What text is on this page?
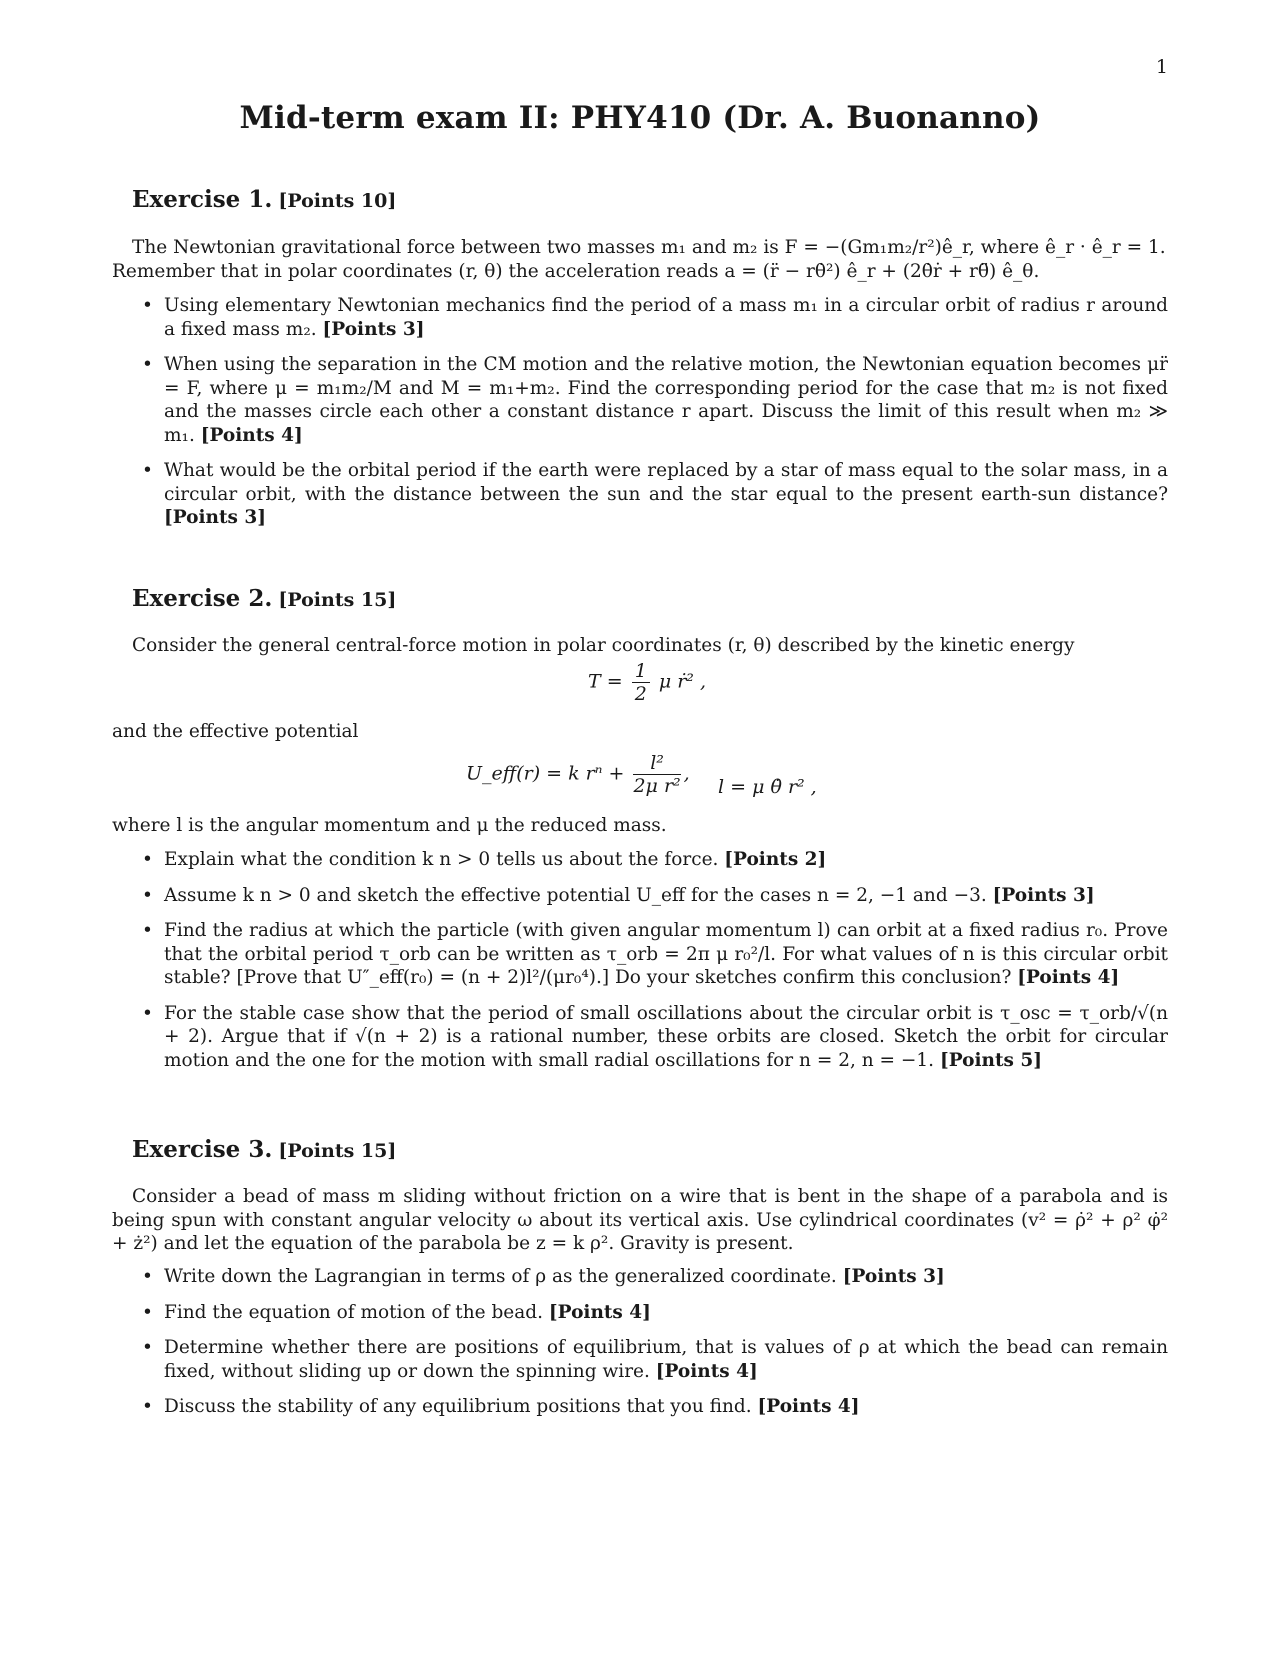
1
Mid-term exam II: PHY410 (Dr. A. Buonanno)
Exercise 1. [Points 10]
The Newtonian gravitational force between two masses m₁ and m₂ is F = −(Gm₁m₂/r²)ê_r, where ê_r · ê_r = 1.
Remember that in polar coordinates (r, θ) the acceleration reads a = (r̈ − rθ̇²) ê_r + (2θ̇ṙ + rθ̈) ê_θ.
• Using elementary Newtonian mechanics find the period of a mass m₁ in a circular orbit of radius r around a fixed mass m₂. [Points 3]
• When using the separation in the CM motion and the relative motion, the Newtonian equation becomes μr̈ = F, where μ = m₁m₂/M and M = m₁+m₂. Find the corresponding period for the case that m₂ is not fixed and the masses circle each other a constant distance r apart. Discuss the limit of this result when m₂ ≫ m₁. [Points 4]
• What would be the orbital period if the earth were replaced by a star of mass equal to the solar mass, in a circular orbit, with the distance between the sun and the star equal to the present earth-sun distance? [Points 3]
Exercise 2. [Points 15]
Consider the general central-force motion in polar coordinates (r, θ) described by the kinetic energy
$T = \frac{1}{2}$ μ ṙ² ,
and the effective potential
U_eff(r) = k $r^n + \frac{\text{l²}}{\text{2μ r²}}$ ,
l = μ θ̇ r² ,
where l is the angular momentum and μ the reduced mass.
• Explain what the condition k n > 0 tells us about the force. [Points 2]
• Assume k n > 0 and sketch the effective potential U_eff for the cases n = 2, −1 and −3. [Points 3]
• Find the radius at which the particle (with given angular momentum l) can orbit at a fixed radius r₀. Prove that the orbital period τ_orb can be written as τ_orb = 2π μ r₀²/l. For what values of n is this circular orbit stable? [Prove that U″_eff(r₀) = (n + 2)l²/(μr₀⁴).] Do your sketches confirm this conclusion? [Points 4]
• For the stable case show that the period of small oscillations about the circular orbit is τ_osc = τ_orb/√(n + 2). Argue that if √(n + 2) is a rational number, these orbits are closed. Sketch the orbit for circular motion and the one for the motion with small radial oscillations for n = 2, n = −1. [Points 5]
Exercise 3. [Points 15]
Consider a bead of mass m sliding without friction on a wire that is bent in the shape of a parabola and is being spun with constant angular velocity ω about its vertical axis. Use cylindrical coordinates (v² = ρ̇² + ρ² φ̇² + ż²) and let the equation of the parabola be z = k ρ². Gravity is present.
• Write down the Lagrangian in terms of ρ as the generalized coordinate. [Points 3]
• Find the equation of motion of the bead. [Points 4]
• Determine whether there are positions of equilibrium, that is values of ρ at which the bead can remain fixed, without sliding up or down the spinning wire. [Points 4]
• Discuss the stability of any equilibrium positions that you find. [Points 4]
